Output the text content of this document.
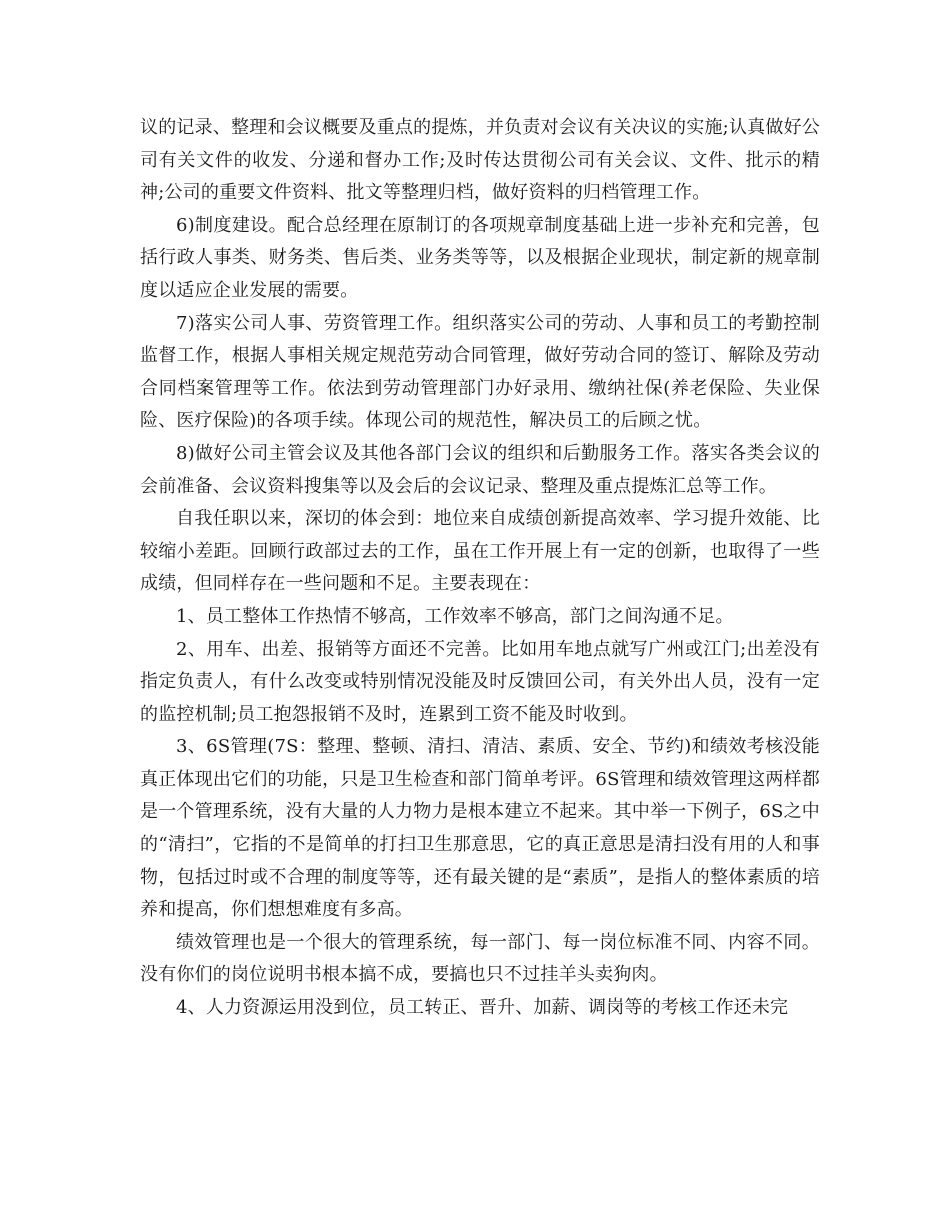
议的记录、整理和会议概要及重点的提炼，并负责对会议有关决议的实施;认真做好公司有关文件的收发、分递和督办工作;及时传达贯彻公司有关会议、文件、批示的精神;公司的重要文件资料、批文等整理归档，做好资料的归档管理工作。

6)制度建设。配合总经理在原制订的各项规章制度基础上进一步补充和完善，包括行政人事类、财务类、售后类、业务类等等，以及根据企业现状，制定新的规章制度以适应企业发展的需要。

7)落实公司人事、劳资管理工作。组织落实公司的劳动、人事和员工的考勤控制监督工作，根据人事相关规定规范劳动合同管理，做好劳动合同的签订、解除及劳动合同档案管理等工作。依法到劳动管理部门办好录用、缴纳社保(养老保险、失业保险、医疗保险)的各项手续。体现公司的规范性，解决员工的后顾之忧。

8)做好公司主管会议及其他各部门会议的组织和后勤服务工作。落实各类会议的会前准备、会议资料搜集等以及会后的会议记录、整理及重点提炼汇总等工作。

自我任职以来，深切的体会到：地位来自成绩创新提高效率、学习提升效能、比较缩小差距。回顾行政部过去的工作，虽在工作开展上有一定的创新，也取得了一些成绩，但同样存在一些问题和不足。主要表现在：

1、员工整体工作热情不够高，工作效率不够高，部门之间沟通不足。

2、用车、出差、报销等方面还不完善。比如用车地点就写广州或江门;出差没有指定负责人，有什么改变或特别情况没能及时反馈回公司，有关外出人员，没有一定的监控机制;员工抱怨报销不及时，连累到工资不能及时收到。

3、6S管理(7S：整理、整顿、清扫、清洁、素质、安全、节约)和绩效考核没能真正体现出它们的功能，只是卫生检查和部门简单考评。6S管理和绩效管理这两样都是一个管理系统，没有大量的人力物力是根本建立不起来。其中举一下例子，6S之中的“清扫”，它指的不是简单的打扫卫生那意思，它的真正意思是清扫没有用的人和事物，包括过时或不合理的制度等等，还有最关键的是“素质”，是指人的整体素质的培养和提高，你们想想难度有多高。

绩效管理也是一个很大的管理系统，每一部门、每一岗位标准不同、内容不同。没有你们的岗位说明书根本搞不成，要搞也只不过挂羊头卖狗肉。

4、人力资源运用没到位，员工转正、晋升、加薪、调岗等的考核工作还未完
